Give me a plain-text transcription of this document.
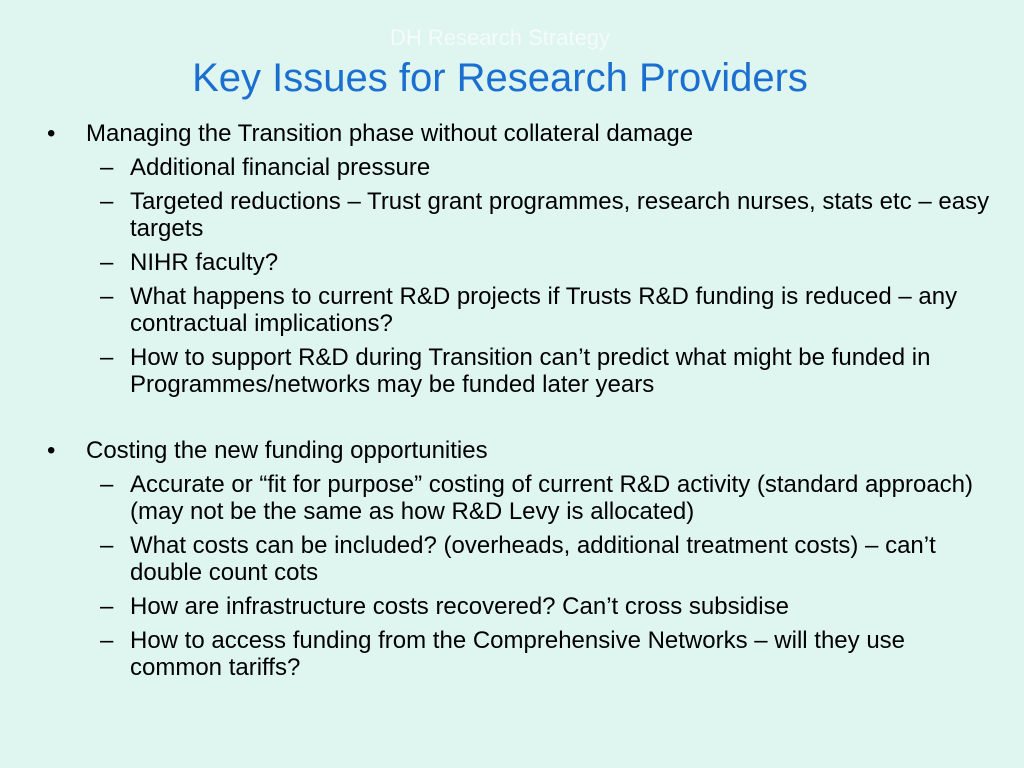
DH Research Strategy
Key Issues for Research Providers
•	Managing the Transition phase without collateral damage
– Additional financial pressure
– Targeted reductions – Trust grant programmes, research nurses, stats etc – easy targets
– NIHR faculty?
– What happens to current R&D projects if Trusts R&D funding is reduced – any contractual implications?
– How to support R&D during Transition can’t predict what might be funded in Programmes/networks may be funded later years
•	Costing the new funding opportunities
– Accurate or “fit for purpose” costing of current R&D activity (standard approach) (may not be the same as how R&D Levy is allocated)
– What costs can be included? (overheads, additional treatment costs) – can’t double count cots
– How are infrastructure costs recovered? Can’t cross subsidise
– How to access funding from the Comprehensive Networks – will they use common tariffs?
